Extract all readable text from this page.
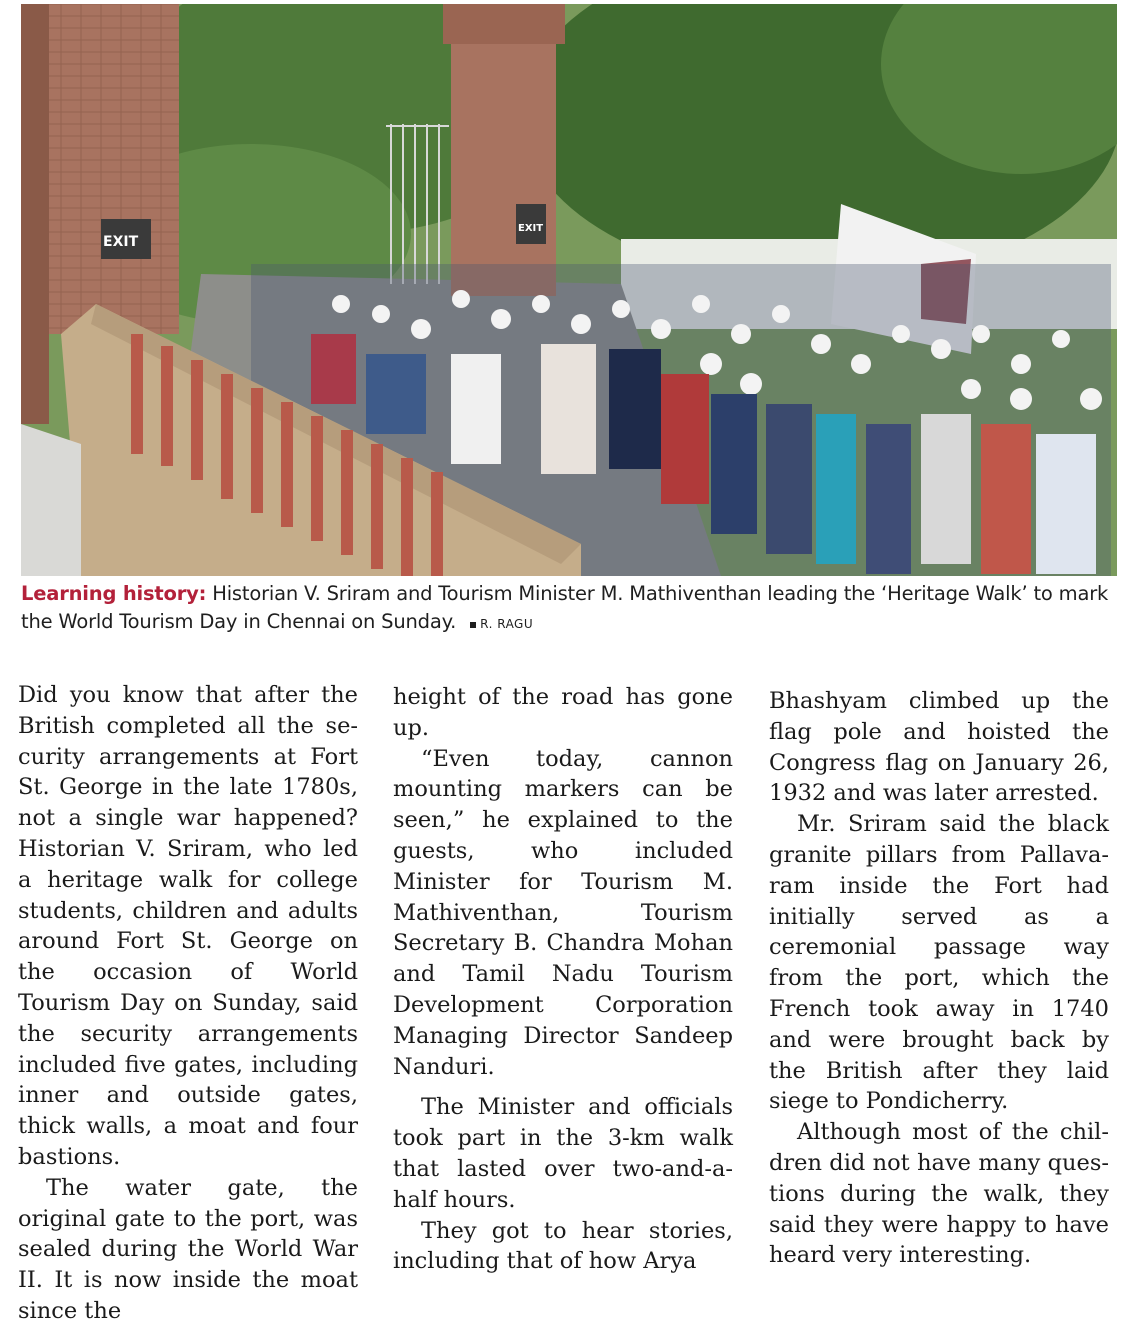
EXIT
EXIT
Learning history: Historian V. Sriram and Tourism Minister M. Mathiventhan leading the ‘Heritage Walk’ to mark the World Tourism Day in Chennai on Sunday. R. RAGU

Did you know that after the British completed all the security arrangements at Fort St. George in the late 1780s, not a single war happened? Historian V. Sriram, who led a heritage walk for college students, children and adults around Fort St. George on the occasion of World Tourism Day on Sunday, said the security arrangements included five gates, including inner and outside gates, thick walls, a moat and four bastions.

The water gate, the original gate to the port, was sealed during the World War II. It is now inside the moat since the

height of the road has gone up.

“Even today, cannon mounting markers can be seen,” he explained to the guests, who included Minister for Tourism M. Mathiventhan, Tourism Secretary B. Chandra Mohan and Tamil Nadu Tourism Development Corporation Managing Director Sandeep Nanduri.

The Minister and officials took part in the 3-km walk that lasted over two-and-a-half hours.

They got to hear stories, including that of how Arya

Bhashyam climbed up the flag pole and hoisted the Congress flag on January 26, 1932 and was later arrested.

Mr. Sriram said the black granite pillars from Pallavaram inside the Fort had initially served as a ceremonial passage way from the port, which the French took away in 1740 and were brought back by the British after they laid siege to Pondicherry.

Although most of the children did not have many questions during the walk, they said they were happy to have heard very interesting.
